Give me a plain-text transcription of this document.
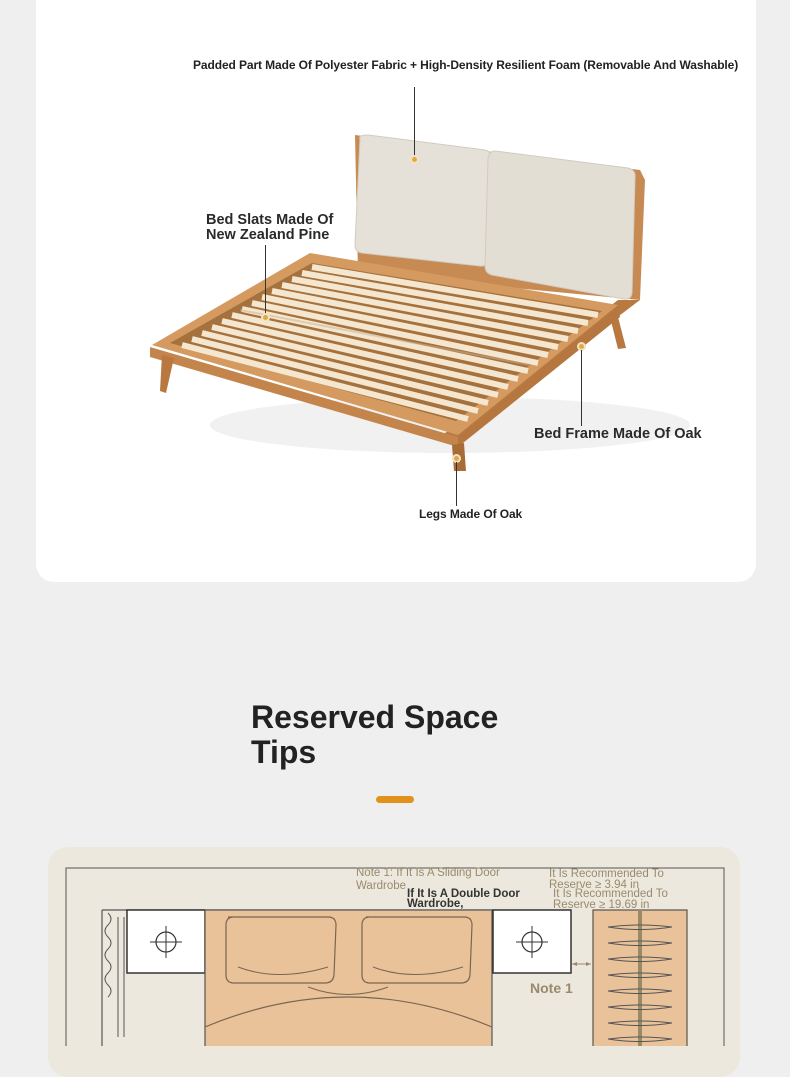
Padded Part Made Of Polyester Fabric + High-Density Resilient Foam (Removable And Washable)
Bed Slats Made Of
New Zealand Pine
Bed Frame Made Of Oak
Legs Made Of Oak
Reserved Space
Tips
Note 1: If It Is A Sliding Door
Wardrobe
If It Is A Double Door
Wardrobe,
It Is Recommended To
Reserve ≥ 3.94 in
It Is Recommended To
Reserve ≥ 19.69 in
Note 1
